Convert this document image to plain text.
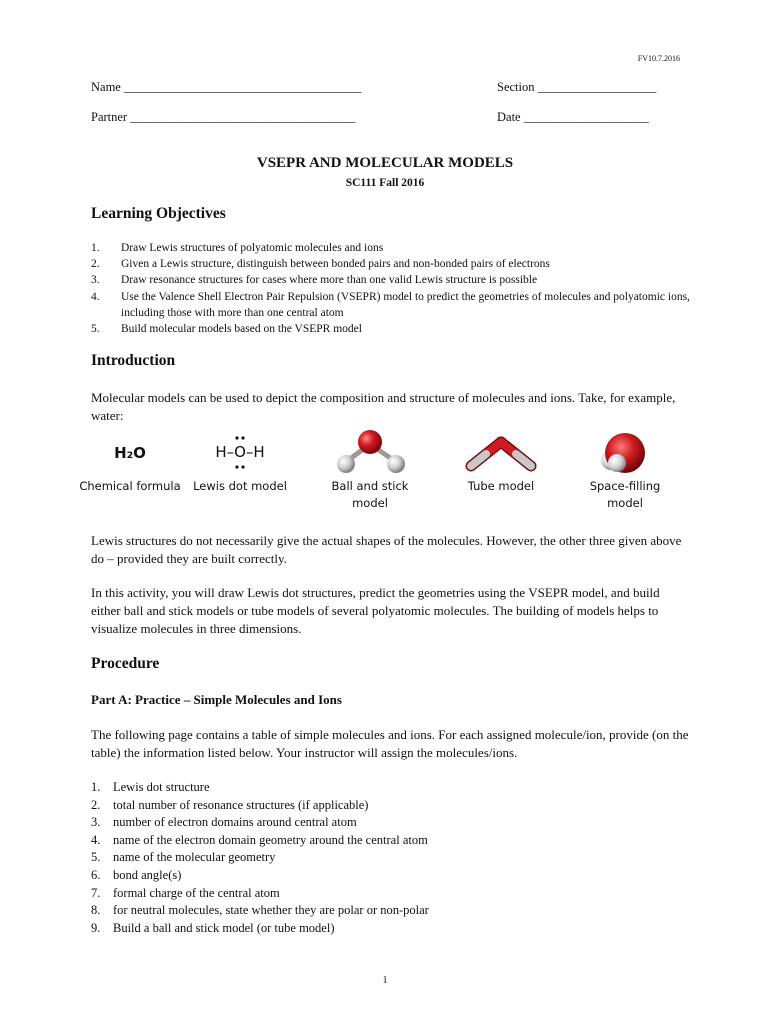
FV10.7.2016
Name ______________________________________	Section ___________________
Partner ____________________________________	Date ____________________
VSEPR AND MOLECULAR MODELS
SC111 Fall 2016
Learning Objectives
1. Draw Lewis structures of polyatomic molecules and ions
2. Given a Lewis structure, distinguish between bonded pairs and non-bonded pairs of electrons
3. Draw resonance structures for cases where more than one valid Lewis structure is possible
4. Use the Valence Shell Electron Pair Repulsion (VSEPR) model to predict the geometries of molecules and polyatomic ions, including those with more than one central atom
5. Build molecular models based on the VSEPR model
Introduction

Molecular models can be used to depict the composition and structure of molecules and ions. Take, for example, water:

H₂O
Chemical formula
H–O–H
Lewis dot model	Ball and stick model
Tube model	Space-filling model

Lewis structures do not necessarily give the actual shapes of the molecules. However, the other three given above do – provided they are built correctly.

In this activity, you will draw Lewis dot structures, predict the geometries using the VSEPR model, and build either ball and stick models or tube models of several polyatomic molecules. The building of models helps to visualize molecules in three dimensions.

Procedure

Part A: Practice – Simple Molecules and Ions

The following page contains a table of simple molecules and ions. For each assigned molecule/ion, provide (on the table) the information listed below. Your instructor will assign the molecules/ions.

1. Lewis dot structure
2. total number of resonance structures (if applicable)
3. number of electron domains around central atom
4. name of the electron domain geometry around the central atom
5. name of the molecular geometry
6. bond angle(s)
7. formal charge of the central atom
8. for neutral molecules, state whether they are polar or non-polar
9. Build a ball and stick model (or tube model)
1
